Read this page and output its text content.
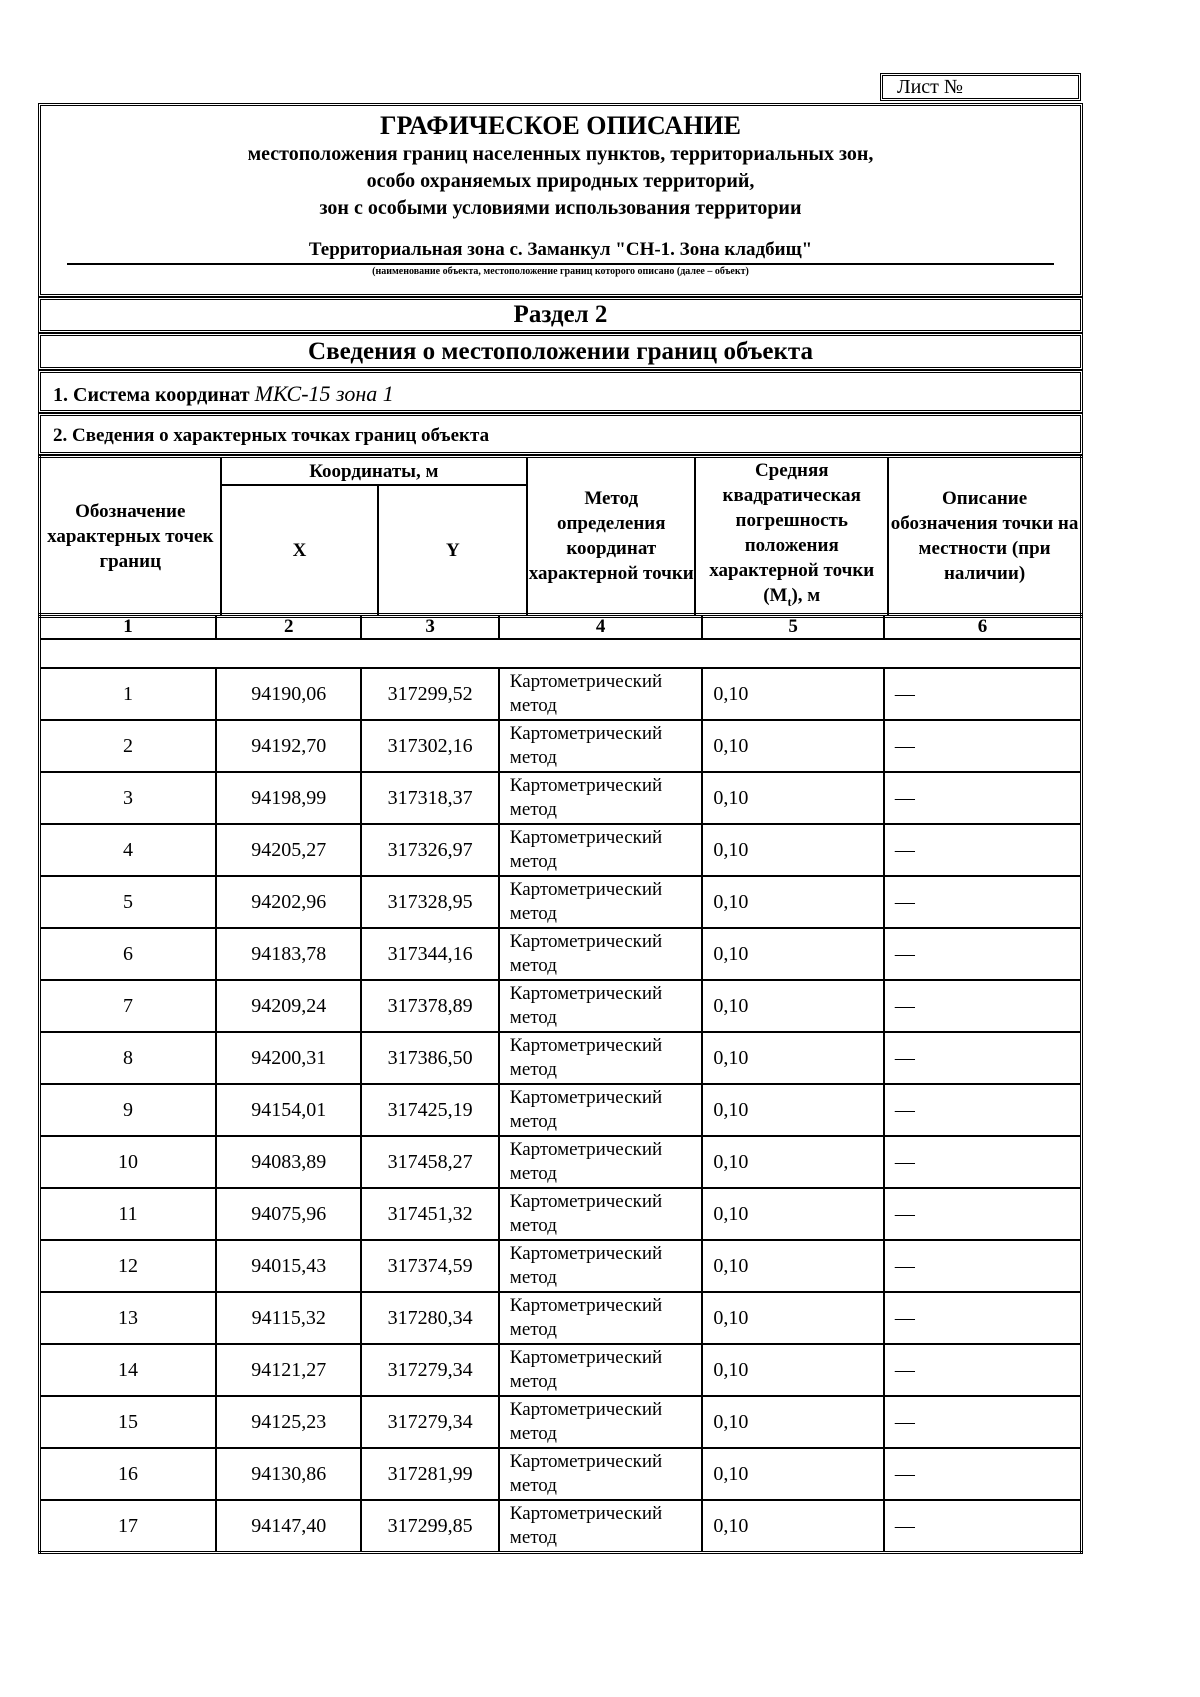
Лист №
ГРАФИЧЕСКОЕ ОПИСАНИЕ
местоположения границ населенных пунктов, территориальных зон,
особо охраняемых природных территорий,
зон с особыми условиями использования территории
Территориальная зона с. Заманкул "СН-1. Зона кладбищ"
(наименование объекта, местоположение границ которого описано (далее – объект)
Раздел 2
Сведения о местоположении границ объекта
1. Система координат МКС-15 зона 1
2. Сведения о характерных точках границ объекта
Обозначение характерных точек границ	Координаты, м		Метод определения координат характерной точки	Средняя квадратическая погрешность положения характерной точки $(M_t)$, м	Описание обозначения точки на местности (при наличии)
	X	Y			
1	2	3	4	5	6

1	94190,06	317299,52	Картометрический метод	0,10	—
2	94192,70	317302,16	Картометрический метод	0,10	—
3	94198,99	317318,37	Картометрический метод	0,10	—
4	94205,27	317326,97	Картометрический метод	0,10	—
5	94202,96	317328,95	Картометрический метод	0,10	—
6	94183,78	317344,16	Картометрический метод	0,10	—
7	94209,24	317378,89	Картометрический метод	0,10	—
8	94200,31	317386,50	Картометрический метод	0,10	—
9	94154,01	317425,19	Картометрический метод	0,10	—
10	94083,89	317458,27	Картометрический метод	0,10	—
11	94075,96	317451,32	Картометрический метод	0,10	—
12	94015,43	317374,59	Картометрический метод	0,10	—
13	94115,32	317280,34	Картометрический метод	0,10	—
14	94121,27	317279,34	Картометрический метод	0,10	—
15	94125,23	317279,34	Картометрический метод	0,10	—
16	94130,86	317281,99	Картометрический метод	0,10	—
17	94147,40	317299,85	Картометрический метод	0,10	—
